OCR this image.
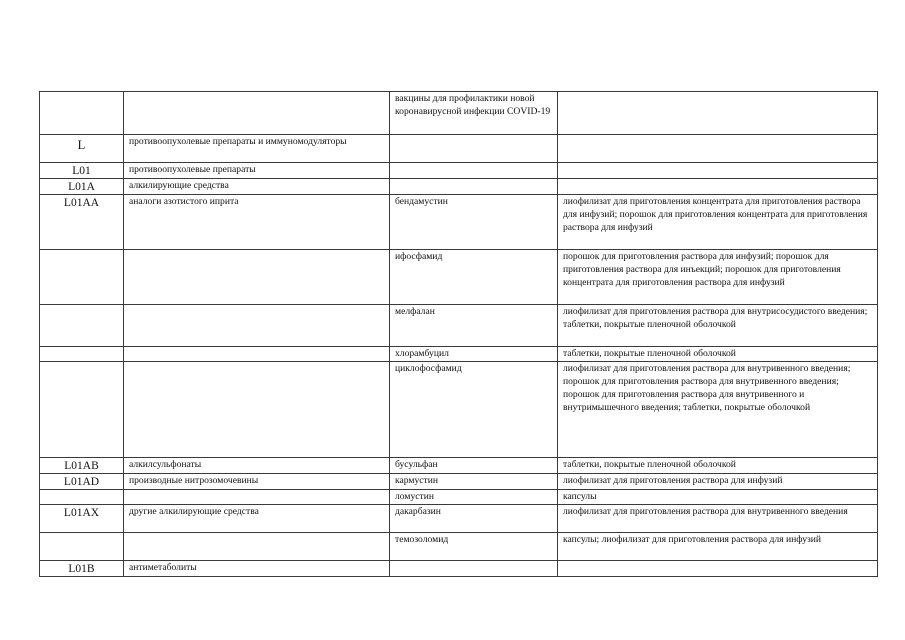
		вакцины для профилактики новой коронавирусной инфекции COVID-19	
L	противоопухолевые препараты и иммуномодуляторы		
L01	противоопухолевые препараты		
L01A	алкилирующие средства		
L01AA	аналоги азотистого иприта	бендамустин	лиофилизат для приготовления концентрата для приготовления раствора для инфузий; порошок для приготовления концентрата для приготовления раствора для инфузий
		ифосфамид	порошок для приготовления раствора для инфузий; порошок для приготовления раствора для инъекций; порошок для приготовления концентрата для приготовления раствора для инфузий
		мелфалан	лиофилизат для приготовления раствора для внутрисосудистого введения; таблетки, покрытые пленочной оболочкой
		хлорамбуцил	таблетки, покрытые пленочной оболочкой
		циклофосфамид	лиофилизат для приготовления раствора для внутривенного введения; порошок для приготовления раствора для внутривенного введения; порошок для приготовления раствора для внутривенного и внутримышечного введения; таблетки, покрытые оболочкой
L01AB	алкилсульфонаты	бусульфан	таблетки, покрытые пленочной оболочкой
L01AD	производные нитрозомочевины	кармустин	лиофилизат для приготовления раствора для инфузий
		ломустин	капсулы
L01AX	другие алкилирующие средства	дакарбазин	лиофилизат для приготовления раствора для внутривенного введения
		темозоломид	капсулы; лиофилизат для приготовления раствора для инфузий
L01B	антиметаболиты		
